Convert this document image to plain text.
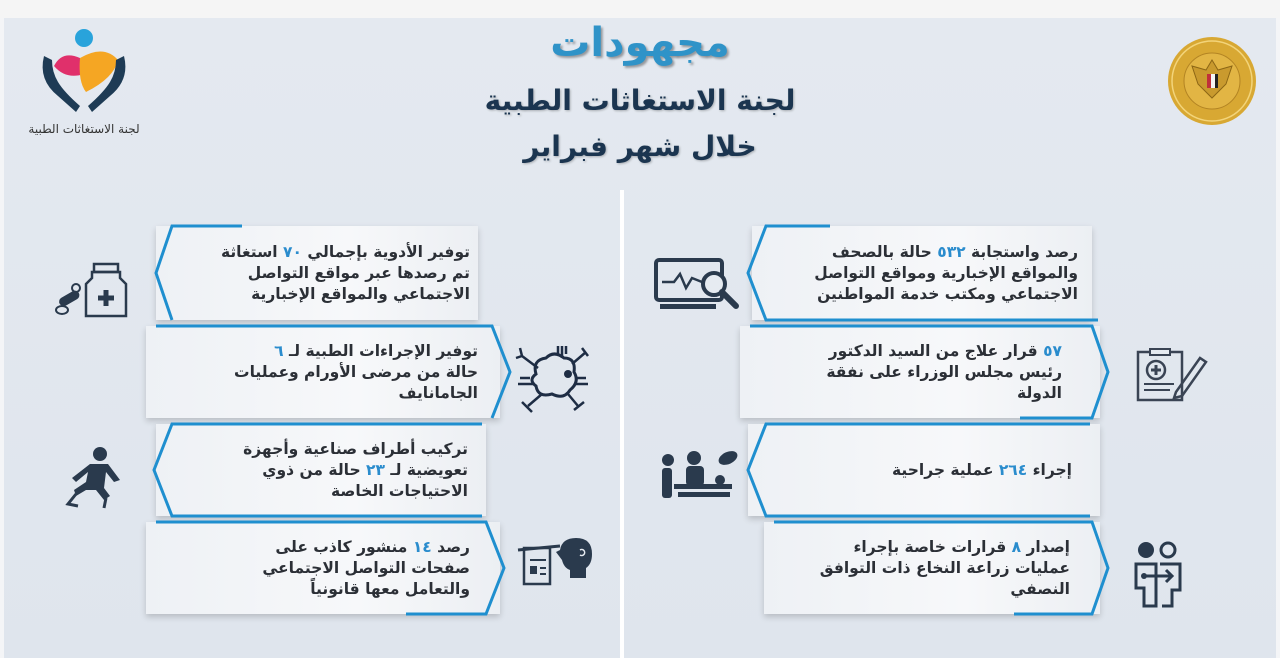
لجنة الاستغاثات الطبية
مجهودات
لجنة الاستغاثات الطبية
خلال شهر فبراير
رصد واستجابة ٥٣٢ حالة بالصحف
والمواقع الإخبارية ومواقع التواصل
الاجتماعي ومكتب خدمة المواطنين
٥٧ قرار علاج من السيد الدكتور
رئيس مجلس الوزراء على نفقة
الدولة
إجراء ٢٦٤ عملية جراحية
إصدار ٨ قرارات خاصة بإجراء
عمليات زراعة النخاع ذات التوافق
النصفي
توفير الأدوية بإجمالي ٧٠ استغاثة
تم رصدها عبر مواقع التواصل
الاجتماعي والمواقع الإخبارية
توفير الإجراءات الطبية لـ ٦
حالة من مرضى الأورام وعمليات
الجامانايف
تركيب أطراف صناعية وأجهزة
تعويضية لـ ٢٣ حالة من ذوي
الاحتياجات الخاصة
رصد ١٤ منشور كاذب على
صفحات التواصل الاجتماعي
والتعامل معها قانونياً
